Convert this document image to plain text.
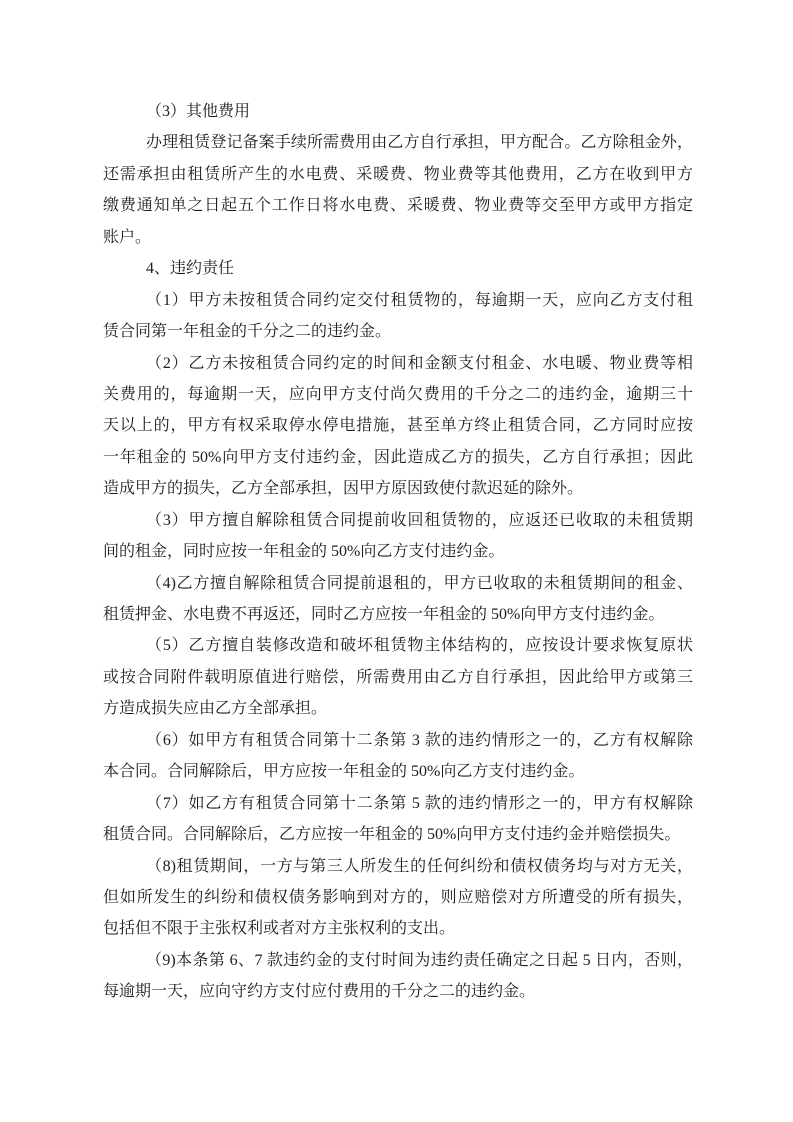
（3）其他费用
办理租赁登记备案手续所需费用由乙方自行承担，甲方配合。乙方除租金外，
还需承担由租赁所产生的水电费、采暖费、物业费等其他费用，乙方在收到甲方
缴费通知单之日起五个工作日将水电费、采暖费、物业费等交至甲方或甲方指定
账户。
4、违约责任
（1）甲方未按租赁合同约定交付租赁物的，每逾期一天，应向乙方支付租
赁合同第一年租金的千分之二的违约金。
（2）乙方未按租赁合同约定的时间和金额支付租金、水电暖、物业费等相
关费用的，每逾期一天，应向甲方支付尚欠费用的千分之二的违约金，逾期三十
天以上的，甲方有权采取停水停电措施，甚至单方终止租赁合同，乙方同时应按
一年租金的 50%向甲方支付违约金，因此造成乙方的损失，乙方自行承担；因此
造成甲方的损失，乙方全部承担，因甲方原因致使付款迟延的除外。
（3）甲方擅自解除租赁合同提前收回租赁物的，应返还已收取的未租赁期
间的租金，同时应按一年租金的 50%向乙方支付违约金。
（4)乙方擅自解除租赁合同提前退租的，甲方已收取的未租赁期间的租金、
租赁押金、水电费不再返还，同时乙方应按一年租金的 50%向甲方支付违约金。
（5）乙方擅自装修改造和破坏租赁物主体结构的，应按设计要求恢复原状
或按合同附件载明原值进行赔偿，所需费用由乙方自行承担，因此给甲方或第三
方造成损失应由乙方全部承担。
（6）如甲方有租赁合同第十二条第 3 款的违约情形之一的，乙方有权解除
本合同。合同解除后，甲方应按一年租金的 50%向乙方支付违约金。
（7）如乙方有租赁合同第十二条第 5 款的违约情形之一的，甲方有权解除
租赁合同。合同解除后，乙方应按一年租金的 50%向甲方支付违约金并赔偿损失。
（8)租赁期间，一方与第三人所发生的任何纠纷和债权债务均与对方无关，
但如所发生的纠纷和债权债务影响到对方的，则应赔偿对方所遭受的所有损失，
包括但不限于主张权利或者对方主张权利的支出。
（9)本条第 6、7 款违约金的支付时间为违约责任确定之日起 5 日内，否则，
每逾期一天，应向守约方支付应付费用的千分之二的违约金。
